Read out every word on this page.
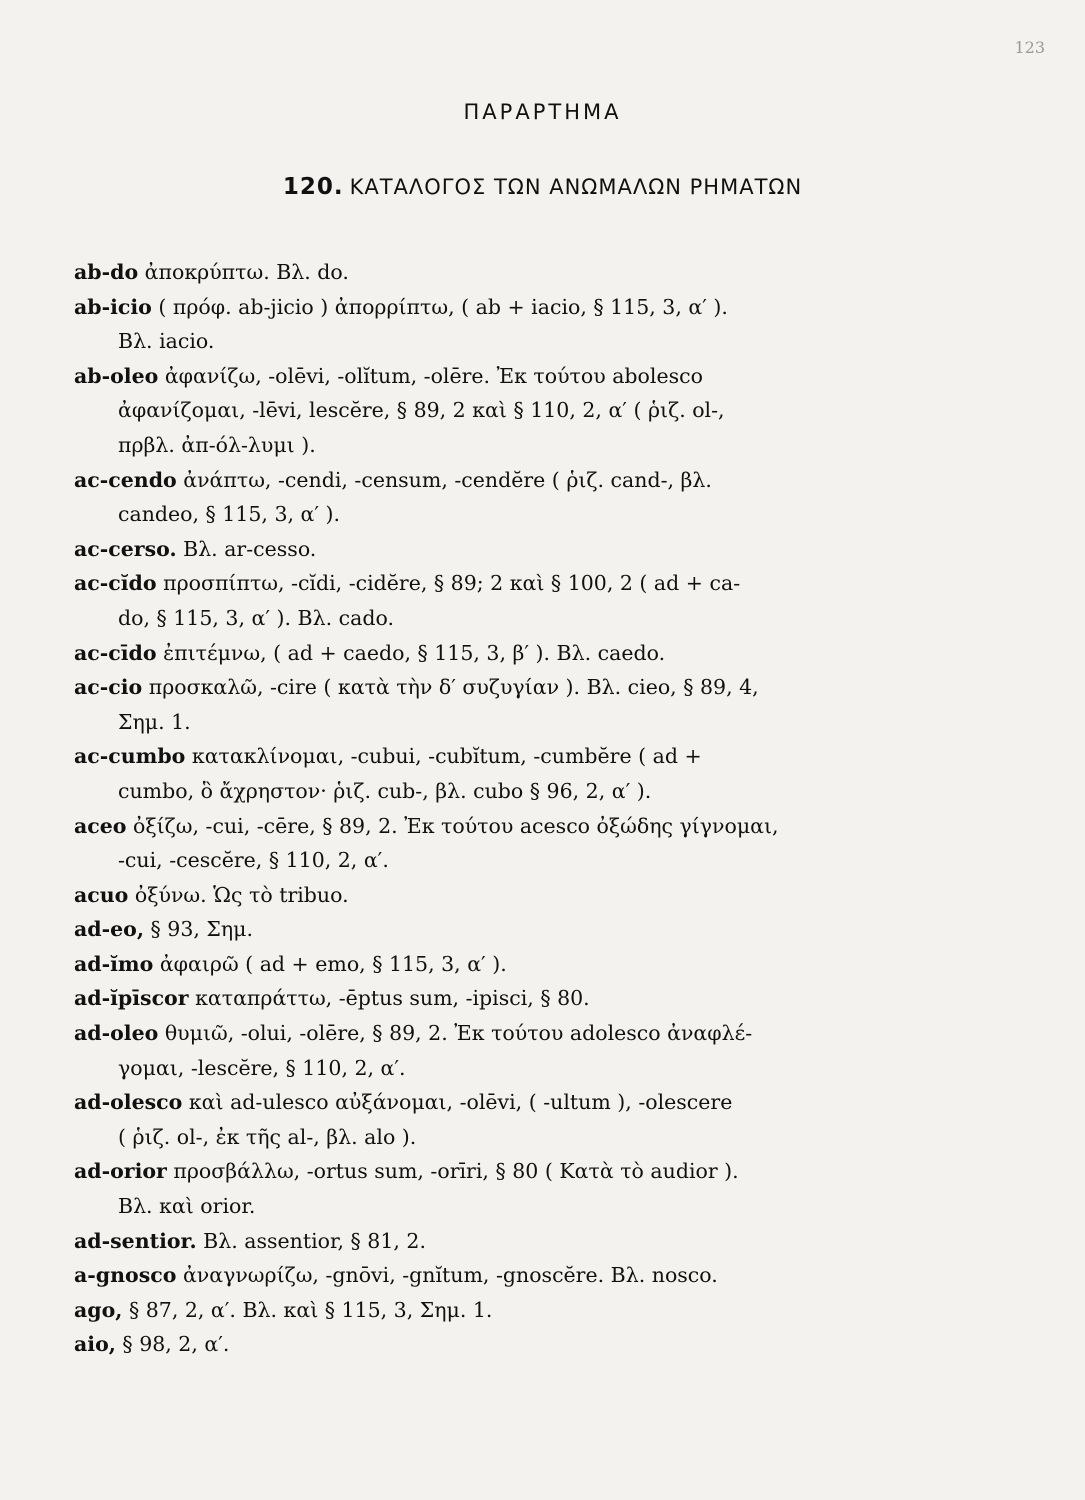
123
ΠΑΡΑΡΤΗΜΑ
120. ΚΑΤΑΛΟΓΟΣ ΤΩΝ ΑΝΩΜΑΛΩΝ ΡΗΜΑΤΩΝ
ab-do ἀποκρύπτω. Βλ. do.
ab-icio ( πρόφ. ab-jicio ) ἀπορρίπτω, ( ab + iacio, § 115, 3, α′ ).
Βλ. iacio.
ab-oleo ἀφανίζω, -olēvi, -olĭtum, -olēre. Ἐκ τούτου abolesco
ἀφανίζομαι, -lēvi, lescĕre, § 89, 2 καὶ § 110, 2, α′ ( ῥιζ. ol-,
πρβλ. ἀπ-όλ-λυμι ).
ac-cendo ἀνάπτω, -cendi, -censum, -cendĕre ( ῥιζ. cand-, βλ.
candeo, § 115, 3, α′ ).
ac-cerso. Βλ. ar-cesso.
ac-cĭdo προσπίπτω, -cĭdi, -cidĕre, § 89; 2 καὶ § 100, 2 ( ad + ca-
do, § 115, 3, α′ ). Βλ. cado.
ac-cīdo ἐπιτέμνω, ( ad + caedo, § 115, 3, β′ ). Βλ. caedo.
ac-cio προσκαλῶ, -cire ( κατὰ τὴν δ′ συζυγίαν ). Βλ. cieo, § 89, 4,
Σημ. 1.
ac-cumbo κατακλίνομαι, -cubui, -cubĭtum, -cumbĕre ( ad +
cumbo, ὃ ἄχρηστον· ῥιζ. cub-, βλ. cubo § 96, 2, α′ ).
aceo ὀξίζω, -cui, -cēre, § 89, 2. Ἐκ τούτου acesco ὀξώδης γίγνομαι,
-cui, -cescĕre, § 110, 2, α′.
acuo ὀξύνω. Ὡς τὸ tribuo.
ad-eo, § 93, Σημ.
ad-ĭmo ἀφαιρῶ ( ad + emo, § 115, 3, α′ ).
ad-ĭpīscor καταπράττω, -ēptus sum, -ipisci, § 80.
ad-oleo θυμιῶ, -olui, -olēre, § 89, 2. Ἐκ τούτου adolesco ἀναφλέ-
γομαι, -lescĕre, § 110, 2, α′.
ad-olesco καὶ ad-ulesco αὐξάνομαι, -olēvi, ( -ultum ), -olescere
( ῥιζ. ol-, ἐκ τῆς al-, βλ. alo ).
ad-orior προσβάλλω, -ortus sum, -orīri, § 80 ( Κατὰ τὸ audior ).
Βλ. καὶ orior.
ad-sentior. Βλ. assentior, § 81, 2.
a-gnosco ἀναγνωρίζω, -gnōvi, -gnĭtum, -gnoscĕre. Βλ. nosco.
ago, § 87, 2, α′. Βλ. καὶ § 115, 3, Σημ. 1.
aio, § 98, 2, α′.
